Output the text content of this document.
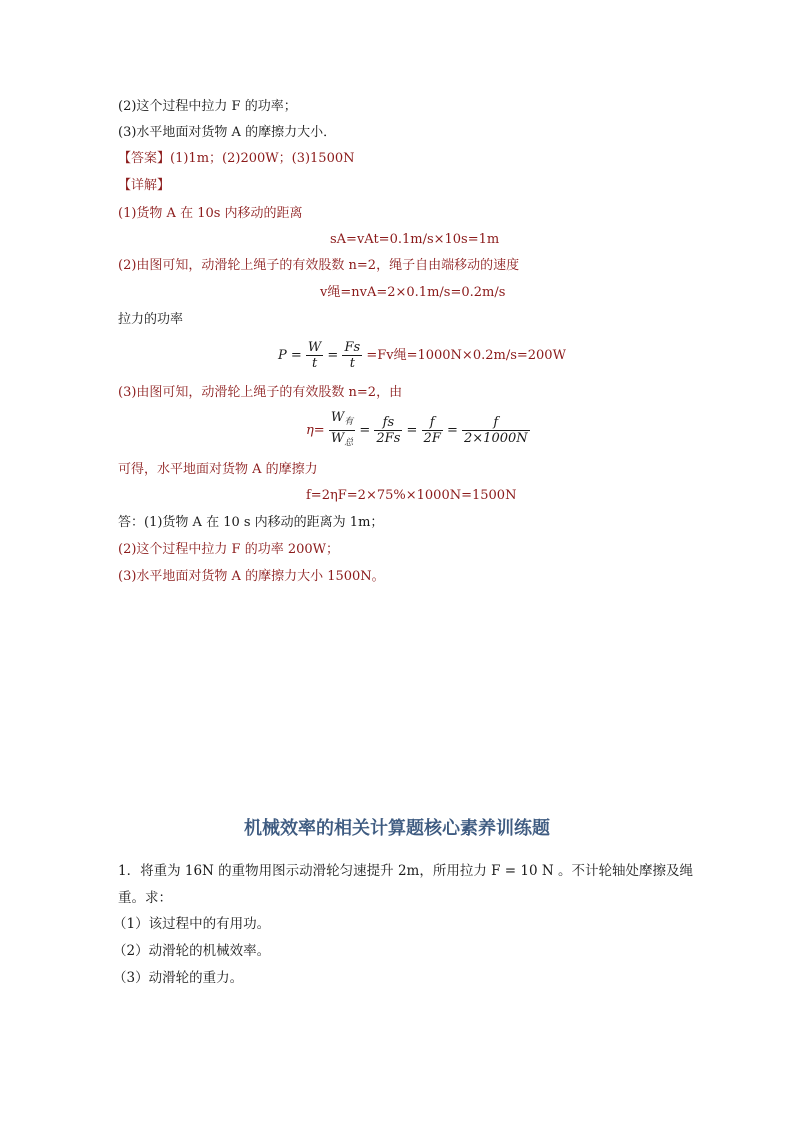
(2)这个过程中拉力 F 的功率；
(3)水平地面对货物 A 的摩擦力大小．
【答案】(1)1m；(2)200W；(3)1500N
【详解】
(1)货物 A 在 10s 内移动的距离
sA=vAt=0.1m/s×10s=1m
(2)由图可知，动滑轮上绳子的有效股数 n=2，绳子自由端移动的速度
v绳=nvA=2×0.1m/s=0.2m/s
拉力的功率
$P = \frac{W}{t} = \frac{Fs}{t} =Fv$绳=1000N×0.2m/s=200W
(3)由图可知，动滑轮上绳子的有效股数 n=2，由
$\eta= \frac{W_有}{W_总} = \frac{fs}{2Fs} = \frac{f}{2F} = \frac{f}{2\times 1000N}$
可得，水平地面对货物 A 的摩擦力
f=2ηF=2×75%×1000N=1500N
答：(1)货物 A 在 10 s 内移动的距离为 1m；
(2)这个过程中拉力 F 的功率 200W；
(3)水平地面对货物 A 的摩擦力大小 1500N。
机械效率的相关计算题核心素养训练题
1．将重为 16N 的重物用图示动滑轮匀速提升 2m，所用拉力 F = 10 N 。不计轮轴处摩擦及绳
重。求：
（1）该过程中的有用功。
（2）动滑轮的机械效率。
（3）动滑轮的重力。
